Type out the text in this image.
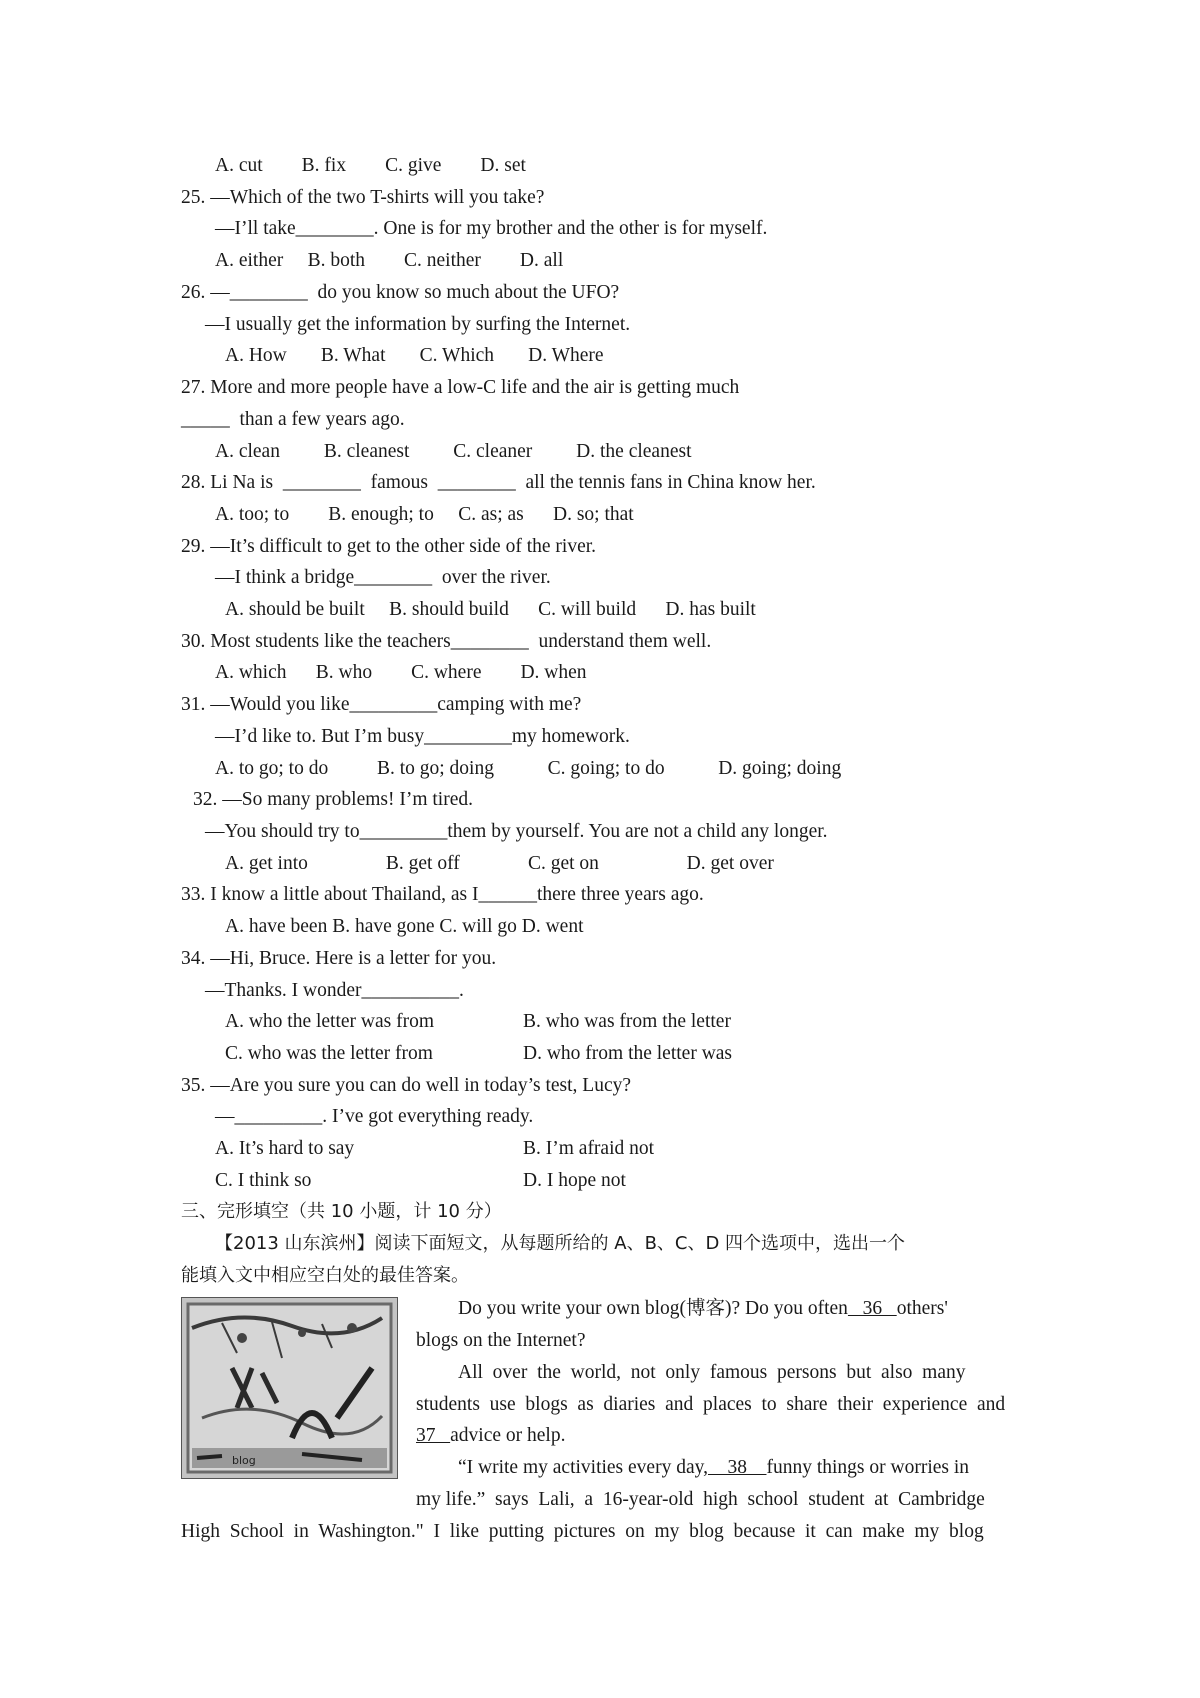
A. cut        B. fix        C. give        D. set
25. —Which of the two T-shirts will you take?
—I’ll take________. One is for my brother and the other is for myself.
A. either     B. both        C. neither        D. all
26. —________  do you know so much about the UFO?
—I usually get the information by surfing the Internet.
A. How       B. What       C. Which       D. Where
27. More and more people have a low-C life and the air is getting much
_____  than a few years ago.
A. clean         B. cleanest         C. cleaner         D. the cleanest
28. Li Na is  ________  famous  ________  all the tennis fans in China know her.
A. too; to        B. enough; to     C. as; as      D. so; that
29. —It’s difficult to get to the other side of the river.
—I think a bridge________  over the river.
A. should be built     B. should build      C. will build      D. has built
30. Most students like the teachers________  understand them well.
A. which      B. who        C. where        D. when
31. —Would you like_________camping with me?
—I’d like to. But I’m busy_________my homework.
A. to go; to do          B. to go; doing           C. going; to do           D. going; doing
32. —So many problems! I’m tired.
—You should try to_________them by yourself. You are not a child any longer.
A. get into                B. get off              C. get on                  D. get over
33. I know a little about Thailand, as I______there three years ago.
A. have been B. have gone C. will go D. went
34. —Hi, Bruce. Here is a letter for you.
—Thanks. I wonder__________.
A. who the letter was from	B. who was from the letter
C. who was the letter from	D. who from the letter was
35. —Are you sure you can do well in today’s test, Lucy?
—_________. I’ve got everything ready.
A. It’s hard to say	B. I’m afraid not
C. I think so	D. I hope not
三、完形填空（共 10 小题，计 10 分）
【2013 山东滨州】阅读下面短文，从每题所给的 A、B、C、D 四个选项中，选出一个
能填入文中相应空白处的最佳答案。
blog
Do you write your own blog(博客)? Do you often   36   others'
blogs on the Internet?
All  over  the  world,  not  only  famous  persons  but  also  many
students  use  blogs  as  diaries  and  places  to  share  their  experience  and
37   advice or help.
“I write my activities every day,    38    funny things or worries in
my life.”  says  Lali,  a  16-year-old  high  school  student  at  Cambridge
High  School  in  Washington."  I  like  putting  pictures  on  my  blog  because  it  can  make  my  blog
